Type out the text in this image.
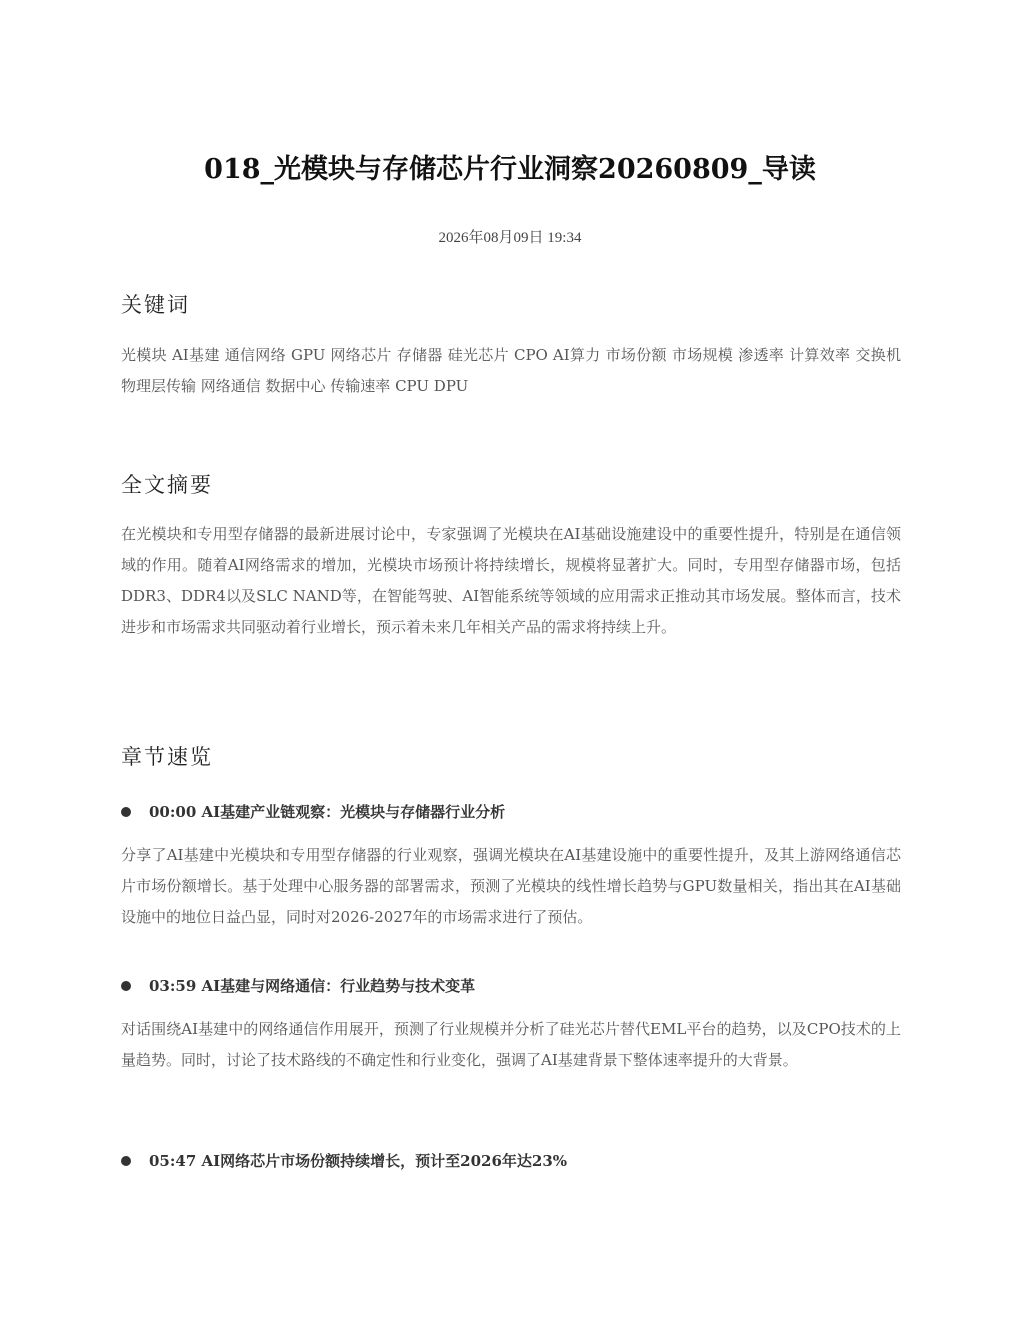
018_光模块与存储芯片行业洞察20260809_导读
2026年08月09日 19:34
关键词

光模块 AI基建 通信网络 GPU 网络芯片 存储器 硅光芯片 CPO AI算力 市场份额 市场规模 渗透率 计算效率 交换机 物理层传输 网络通信 数据中心 传输速率 CPU DPU

全文摘要

在光模块和专用型存储器的最新进展讨论中，专家强调了光模块在AI基础设施建设中的重要性提升，特别是在通信领域的作用。随着AI网络需求的增加，光模块市场预计将持续增长，规模将显著扩大。同时，专用型存储器市场，包括DDR3、DDR4以及SLC NAND等，在智能驾驶、AI智能系统等领域的应用需求正推动其市场发展。整体而言，技术进步和市场需求共同驱动着行业增长，预示着未来几年相关产品的需求将持续上升。

章节速览
00:00 AI基建产业链观察：光模块与存储器行业分析

分享了AI基建中光模块和专用型存储器的行业观察，强调光模块在AI基建设施中的重要性提升，及其上游网络通信芯片市场份额增长。基于处理中心服务器的部署需求，预测了光模块的线性增长趋势与GPU数量相关，指出其在AI基础设施中的地位日益凸显，同时对2026-2027年的市场需求进行了预估。

03:59 AI基建与网络通信：行业趋势与技术变革

对话围绕AI基建中的网络通信作用展开，预测了行业规模并分析了硅光芯片替代EML平台的趋势，以及CPO技术的上量趋势。同时，讨论了技术路线的不确定性和行业变化，强调了AI基建背景下整体速率提升的大背景。

05:47 AI网络芯片市场份额持续增长，预计至2026年达23%
